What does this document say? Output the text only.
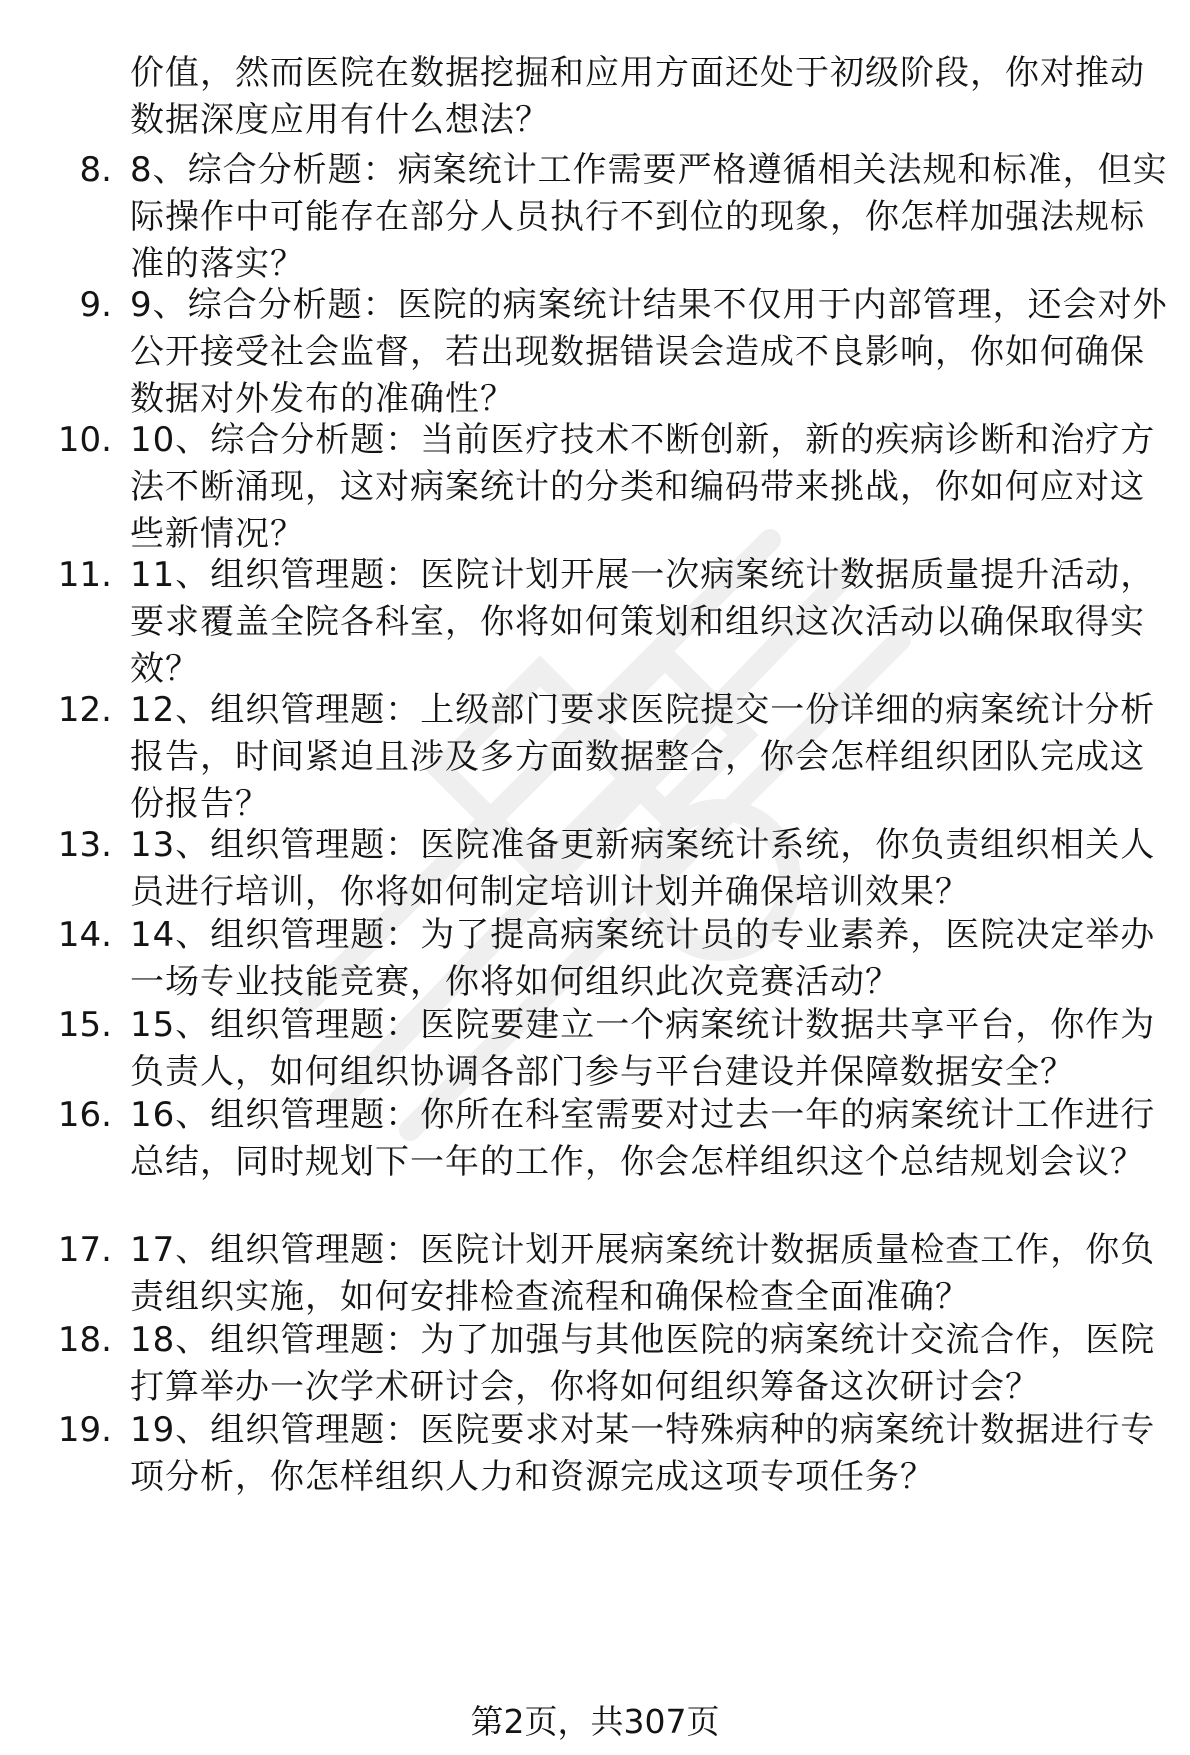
价值，然而医院在数据挖掘和应用方面还处于初级阶段，你对推动数据深度应用有什么想法？
8. 8、综合分析题：病案统计工作需要严格遵循相关法规和标准，但实际操作中可能存在部分人员执行不到位的现象，你怎样加强法规标准的落实？
9. 9、综合分析题：医院的病案统计结果不仅用于内部管理，还会对外公开接受社会监督，若出现数据错误会造成不良影响，你如何确保数据对外发布的准确性？
10. 10、综合分析题：当前医疗技术不断创新，新的疾病诊断和治疗方法不断涌现，这对病案统计的分类和编码带来挑战，你如何应对这些新情况？
11. 11、组织管理题：医院计划开展一次病案统计数据质量提升活动，要求覆盖全院各科室，你将如何策划和组织这次活动以确保取得实效？
12. 12、组织管理题：上级部门要求医院提交一份详细的病案统计分析报告，时间紧迫且涉及多方面数据整合，你会怎样组织团队完成这份报告？
13. 13、组织管理题：医院准备更新病案统计系统，你负责组织相关人员进行培训，你将如何制定培训计划并确保培训效果？
14. 14、组织管理题：为了提高病案统计员的专业素养，医院决定举办一场专业技能竞赛，你将如何组织此次竞赛活动？
15. 15、组织管理题：医院要建立一个病案统计数据共享平台，你作为负责人，如何组织协调各部门参与平台建设并保障数据安全？
16. 16、组织管理题：你所在科室需要对过去一年的病案统计工作进行总结，同时规划下一年的工作，你会怎样组织这个总结规划会议？
17. 17、组织管理题：医院计划开展病案统计数据质量检查工作，你负责组织实施，如何安排检查流程和确保检查全面准确？
18. 18、组织管理题：为了加强与其他医院的病案统计交流合作，医院打算举办一次学术研讨会，你将如何组织筹备这次研讨会？
19. 19、组织管理题：医院要求对某一特殊病种的病案统计数据进行专项分析，你怎样组织人力和资源完成这项专项任务？
第2页，共307页
